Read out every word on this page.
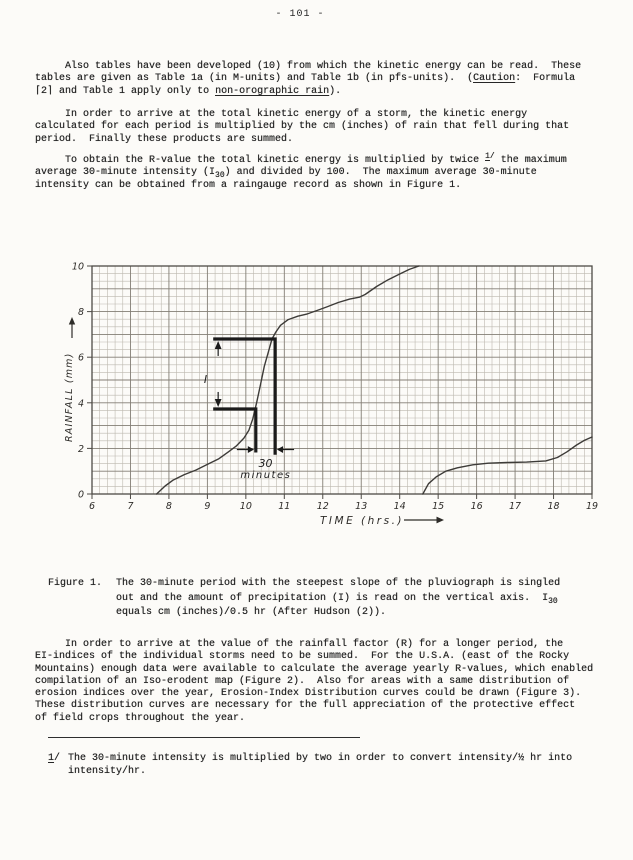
- 101 -
Also tables have been developed (10) from which the kinetic energy can be read.  These
tables are given as Table 1a (in M-units) and Table 1b (in pfs-units).  (Caution:  Formula
⌈2⌉ and Table 1 apply only to non-orographic rain).
In order to arrive at the total kinetic energy of a storm, the kinetic energy
calculated for each period is multiplied by the cm (inches) of rain that fell during that
period.  Finally these products are summed.
To obtain the R-value the total kinetic energy is multiplied by twice $^{1/}$ the maximum
average 30-minute intensity $(I_{30})$ and divided by 100.  The maximum average 30-minute
intensity can be obtained from a raingauge record as shown in Figure 1.
0
2
4
6
8
10
6	7	8	9	10	11	12	13	14	15	16	17	18	19
TIME (hrs.)
RAINFALL (mm)	I
30
minutes
Figure 1. The 30-minute period with the steepest slope of the pluviograph is singled
out and the amount of precipitation (I) is read on the vertical axis.  $I_{30}$
equals cm (inches)/0.5 hr (After Hudson (2)).
In order to arrive at the value of the rainfall factor (R) for a longer period, the
EI-indices of the individual storms need to be summed.  For the U.S.A. (east of the Rocky
Mountains) enough data were available to calculate the average yearly R-values, which enabled
compilation of an Iso-erodent map (Figure 2).  Also for areas with a same distribution of
erosion indices over the year, Erosion-Index Distribution curves could be drawn (Figure 3).
These distribution curves are necessary for the full appreciation of the protective effect
of field crops throughout the year.
1/ The 30-minute intensity is multiplied by two in order to convert intensity/½ hr into
intensity/hr.
